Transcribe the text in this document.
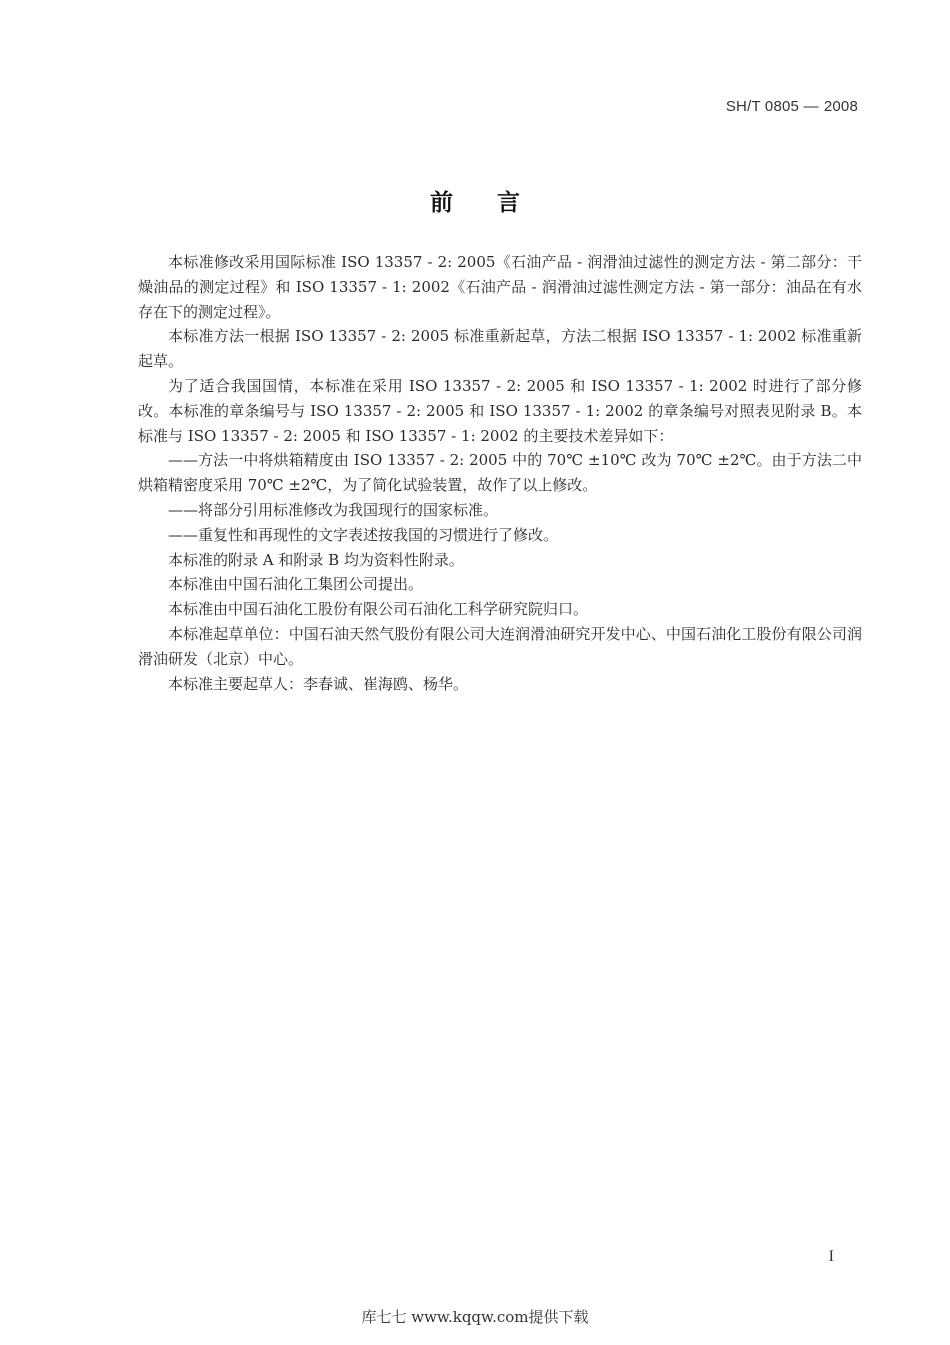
SH/T 0805 — 2008
前言

本标准修改采用国际标准 ISO 13357 - 2: 2005《石油产品 - 润滑油过滤性的测定方法 - 第二部分：干燥油品的测定过程》和 ISO 13357 - 1: 2002《石油产品 - 润滑油过滤性测定方法 - 第一部分：油品在有水存在下的测定过程》。

本标准方法一根据 ISO 13357 - 2: 2005 标准重新起草，方法二根据 ISO 13357 - 1: 2002 标准重新起草。

为了适合我国国情，本标准在采用 ISO 13357 - 2: 2005 和 ISO 13357 - 1: 2002 时进行了部分修改。本标准的章条编号与 ISO 13357 - 2: 2005 和 ISO 13357 - 1: 2002 的章条编号对照表见附录 B。本标准与 ISO 13357 - 2: 2005 和 ISO 13357 - 1: 2002 的主要技术差异如下：

——方法一中将烘箱精度由 ISO 13357 - 2: 2005 中的 70℃ ±10℃ 改为 70℃ ±2℃。由于方法二中烘箱精密度采用 70℃ ±2℃，为了简化试验装置，故作了以上修改。

——将部分引用标准修改为我国现行的国家标准。

——重复性和再现性的文字表述按我国的习惯进行了修改。

本标准的附录 A 和附录 B 均为资料性附录。

本标准由中国石油化工集团公司提出。

本标准由中国石油化工股份有限公司石油化工科学研究院归口。

本标准起草单位：中国石油天然气股份有限公司大连润滑油研究开发中心、中国石油化工股份有限公司润滑油研发（北京）中心。

本标准主要起草人：李春诚、崔海鸥、杨华。

I
库七七 www.kqqw.com提供下载
